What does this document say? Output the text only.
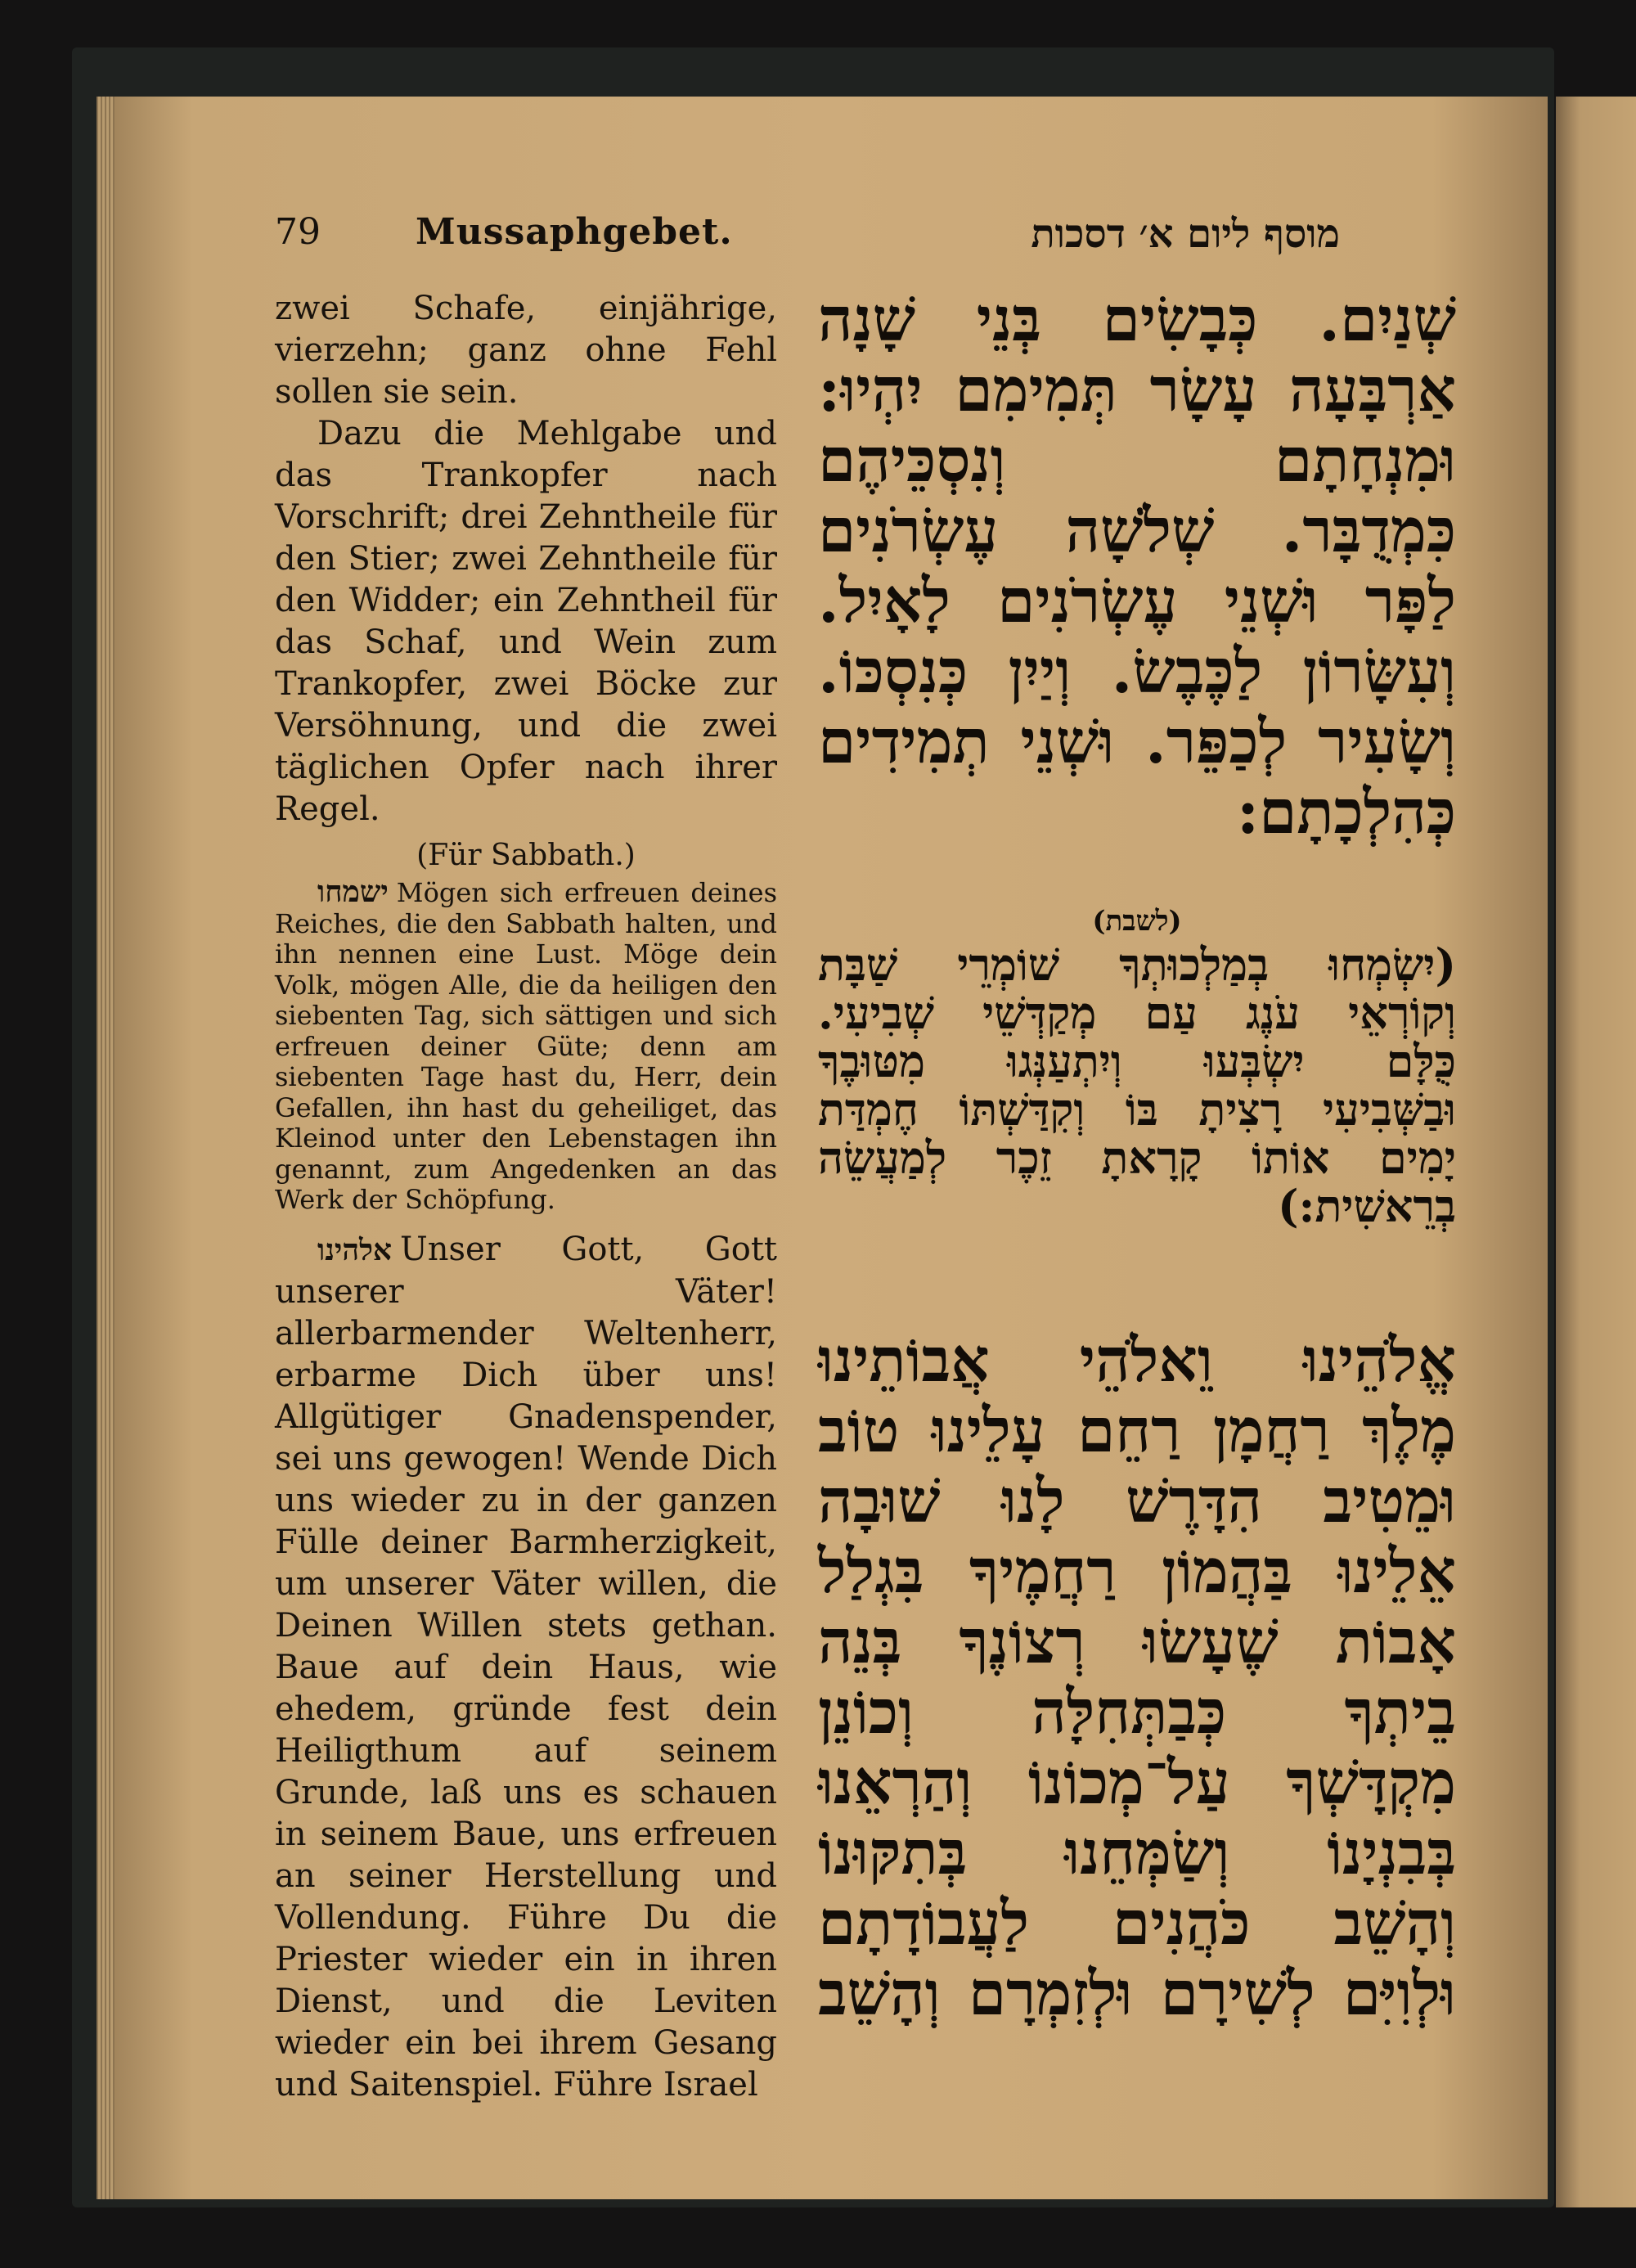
79	Mussaphgebet.	מוסף ליום א׳ דסכות

zwei Schafe, einjährige, vierzehn; ganz ohne Fehl sollen sie sein.

Dazu die Mehlgabe und das Trankopfer nach Vorschrift; drei Zehntheile für den Stier; zwei Zehntheile für den Widder; ein Zehntheil für das Schaf, und Wein zum Trankopfer, zwei Böcke zur Versöhnung, und die zwei täglichen Opfer nach ihrer Regel.

(Für Sabbath.)

ישמחו Mögen sich erfreuen deines Reiches, die den Sabbath halten, und ihn nennen eine Lust. Möge dein Volk, mögen Alle, die da heiligen den siebenten Tag, sich sättigen und sich erfreuen deiner Güte; denn am siebenten Tage hast du, Herr, dein Gefallen, ihn hast du geheiliget, das Kleinod unter den Lebenstagen ihn genannt, zum Angedenken an das Werk der Schöpfung.

אלהינו Unser Gott, Gott unserer Väter! allerbarmender Weltenherr, erbarme Dich über uns! Allgütiger Gnadenspender, sei uns gewogen! Wende Dich uns wieder zu in der ganzen Fülle deiner Barmherzigkeit, um unserer Väter willen, die Deinen Willen stets gethan. Baue auf dein Haus, wie ehedem, gründe fest dein Heiligthum auf seinem Grunde, laß uns es schauen in seinem Baue, uns erfreuen an seiner Herstellung und Vollendung. Führe Du die Priester wieder ein in ihren Dienst, und die Leviten wieder ein bei ihrem Gesang und Saitenspiel. Führe Israel

שְׁנַיִם. כְּבָשִׂים בְּנֵי שָׁנָה
אַרְבָּעָה עָשָׂר תְּמִימִם יִהְיוּ:
וּמִנְחָתָם וְנִסְכֵּיהֶם
כִּמְדֻבָּר. שְׁלֹשָׁה עֶשְׂרֹנִים
לַפָּר וּשְׁנֵי עֶשְׂרֹנִים לָאָיִל.
וְעִשָּׂרוֹן לַכֶּבֶשׂ. וְיַיִן כְּנִסְכּוֹ.
וְשָׂעִיר לְכַפֵּר. וּשְׁנֵי תְמִידִים
כְּהִלְכָתָם:
(לשבת)
(יִשְׂמְחוּ בְמַלְכוּתְךָ שׁוֹמְרֵי שַׁבָּת
וְקוֹרְאֵי עֹנֶג עַם מְקַדְּשֵׁי שְׁבִיעִי.
כֻּלָּם יִשְׂבְּעוּ וְיִתְעַנְּגוּ מִטּוּבֶךָ
וּבַשְּׁבִיעִי רָצִיתָ בּוֹ וְקִדַּשְׁתּוֹ חֶמְדַּת
יָמִים אוֹתוֹ קָרָאתָ זֵכֶר לְמַעֲשֵׂה
בְרֵאשִׁית:)
אֱלֹהֵינוּ וֵאלֹהֵי אֲבוֹתֵינוּ
מֶלֶךְ רַחֲמָן רַחֵם עָלֵינוּ טוֹב
וּמֵטִיב הִדָּרֶשׁ לָנוּ שׁוּבָה
אֵלֵינוּ בַּהֲמוֹן רַחֲמֶיךָ בִּגְלַל
אָבוֹת שֶׁעָשׂוּ רְצוֹנֶךָ בְּנֵה
בֵיתְךָ כְּבַתְּחִלָּה וְכוֹנֵן
מִקְדָּשְׁךָ עַל־מְכוֹנוֹ וְהַרְאֵנוּ
בְּבִנְיָנוֹ וְשַׂמְּחֵנוּ בְּתִקּוּנוֹ
וְהָשֵׁב כֹּהֲנִים לַעֲבוֹדָתָם
וּלְוִיִּם לְשִׁירָם וּלְזִמְרָם וְהָשֵׁב
